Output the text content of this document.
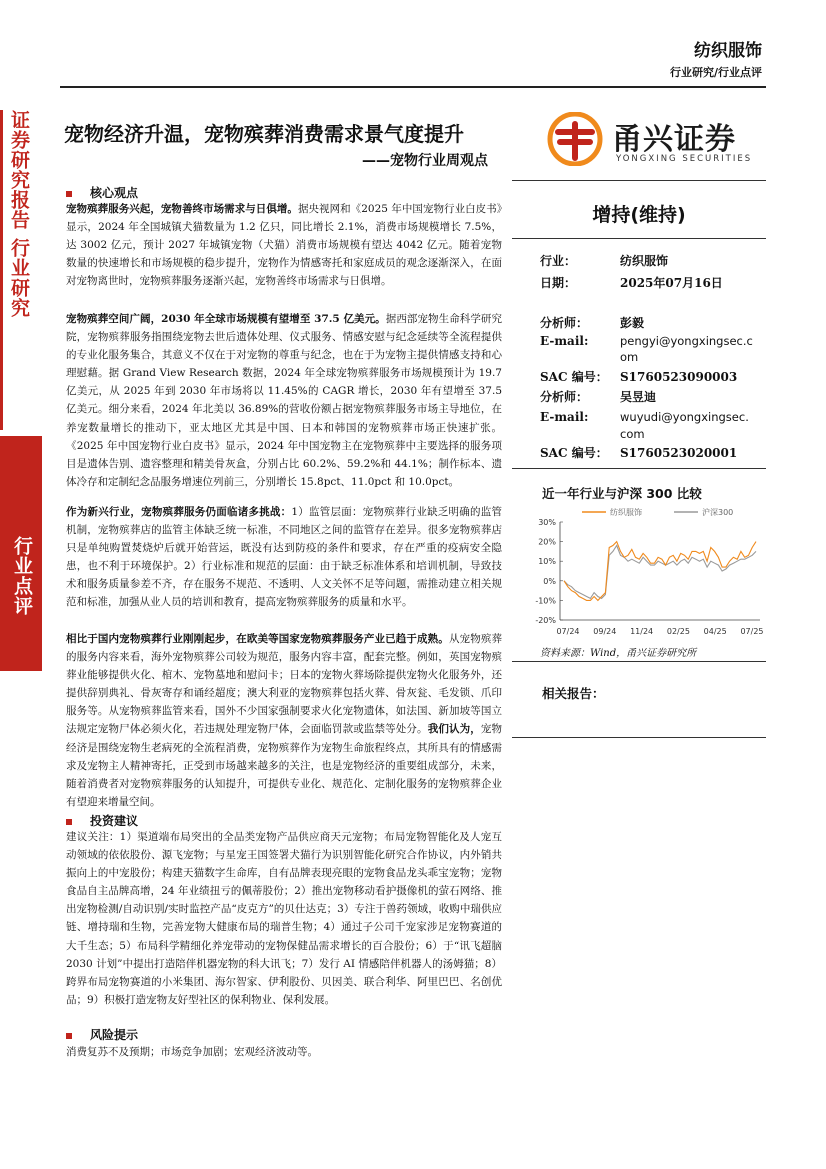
纺织服饰
行业研究/行业点评
证券研究报告 行业研究
行业点评
宠物经济升温，宠物殡葬消费需求景气度提升
——宠物行业周观点
甬兴证券
YONGXING SECURITIES
核心观点
宠物殡葬服务兴起，宠物善终市场需求与日俱增。据央视网和《2025 年中国宠物行业白皮书》显示，2024 年全国城镇犬猫数量为 1.2 亿只，同比增长 2.1%，消费市场规模增长 7.5%，达 3002 亿元，预计 2027 年城镇宠物（犬猫）消费市场规模有望达 4042 亿元。随着宠物数量的快速增长和市场规模的稳步提升，宠物作为情感寄托和家庭成员的观念逐渐深入，在面对宠物离世时，宠物殡葬服务逐渐兴起，宠物善终市场需求与日俱增。
宠物殡葬空间广阔，2030 年全球市场规模有望增至 37.5 亿美元。据西部宠物生命科学研究院，宠物殡葬服务指围绕宠物去世后遗体处理、仪式服务、情感安慰与纪念延续等全流程提供的专业化服务集合，其意义不仅在于对宠物的尊重与纪念，也在于为宠物主提供情感支持和心理慰藉。据 Grand View Research 数据，2024 年全球宠物殡葬服务市场规模预计为 19.7 亿美元，从 2025 年到 2030 年市场将以 11.45%的 CAGR 增长，2030 年有望增至 37.5 亿美元。细分来看，2024 年北美以 36.89%的营收份额占据宠物殡葬服务市场主导地位，在养宠数量增长的推动下，亚太地区尤其是中国、日本和韩国的宠物殡葬市场正快速扩张。《2025 年中国宠物行业白皮书》显示，2024 年中国宠物主在宠物殡葬中主要选择的服务项目是遗体告别、遗容整理和精美骨灰盒，分别占比 60.2%、59.2%和 44.1%；制作标本、遗体冷存和定制纪念品服务增速位列前三，分别增长 15.8pct、11.0pct 和 10.0pct。
作为新兴行业，宠物殡葬服务仍面临诸多挑战：1）监管层面：宠物殡葬行业缺乏明确的监管机制，宠物殡葬店的监管主体缺乏统一标准，不同地区之间的监管存在差异。很多宠物殡葬店只是单纯购置焚烧炉后就开始营运，既没有达到防疫的条件和要求，存在严重的疫病安全隐患，也不利于环境保护。2）行业标准和规范的层面：由于缺乏标准体系和培训机制，导致技术和服务质量参差不齐，存在服务不规范、不透明、人文关怀不足等问题，需推动建立相关规范和标准，加强从业人员的培训和教育，提高宠物殡葬服务的质量和水平。
相比于国内宠物殡葬行业刚刚起步，在欧美等国家宠物殡葬服务产业已趋于成熟。从宠物殡葬的服务内容来看，海外宠物殡葬公司较为规范，服务内容丰富，配套完整。例如，英国宠物殡葬业能够提供火化、棺木、宠物墓地和慰问卡；日本的宠物火葬场除提供宠物火化服务外，还提供辞别典礼、骨灰寄存和诵经超度；澳大利亚的宠物殡葬包括火葬、骨灰瓮、毛发锁、爪印服务等。从宠物殡葬监管来看，国外不少国家强制要求火化宠物遗体，如法国、新加坡等国立法规定宠物尸体必须火化，若违规处理宠物尸体，会面临罚款或监禁等处分。我们认为，宠物经济是围绕宠物生老病死的全流程消费，宠物殡葬作为宠物生命旅程终点，其所具有的情感需求及宠物主人精神寄托，正受到市场越来越多的关注，也是宠物经济的重要组成部分，未来，随着消费者对宠物殡葬服务的认知提升，可提供专业化、规范化、定制化服务的宠物殡葬企业有望迎来增量空间。
投资建议
建议关注：1）渠道端布局突出的全品类宠物产品供应商天元宠物；布局宠物智能化及人宠互动领域的依依股份、源飞宠物；与星宠王国签署犬猫行为识别智能化研究合作协议，内外销共振向上的中宠股份；构建天猫数字生命库，自有品牌表现亮眼的宠物食品龙头乖宝宠物；宠物食品自主品牌高增，24 年业绩扭亏的佩蒂股份；2）推出宠物移动看护摄像机的萤石网络、推出宠物检测/自动识别/实时监控产品“皮克方”的贝仕达克；3）专注于兽药领域，收购中瑞供应链、增持瑞和生物，完善宠物大健康布局的瑞普生物；4）通过子公司千宠家涉足宠物赛道的大千生态；5）布局科学精细化养宠带动的宠物保健品需求增长的百合股份；6）于“讯飞超脑 2030 计划”中提出打造陪伴机器宠物的科大讯飞；7）发行 AI 情感陪伴机器人的汤姆猫；8）跨界布局宠物赛道的小米集团、海尔智家、伊利股份、贝因美、联合利华、阿里巴巴、名创优品；9）积极打造宠物友好型社区的保利物业、保利发展。
风险提示
消费复苏不及预期；市场竞争加剧；宏观经济波动等。
增持(维持)
行业：	纺织服饰
日期：	2025年07月16日
分析师：	彭毅
E-mail:	pengyi@yongxingsec.c
om
SAC 编号： S1760523090003
分析师：	吴昱迪
E-mail:	wuyudi@yongxingsec.
com
SAC 编号： S1760523020001
近一年行业与沪深 300 比较
30%
20%
10%
0%
-10%
-20%
07/24 09/24 11/24 02/25 04/25 07/25
纺织服饰	沪深300
资料来源：Wind，甬兴证券研究所
相关报告：
